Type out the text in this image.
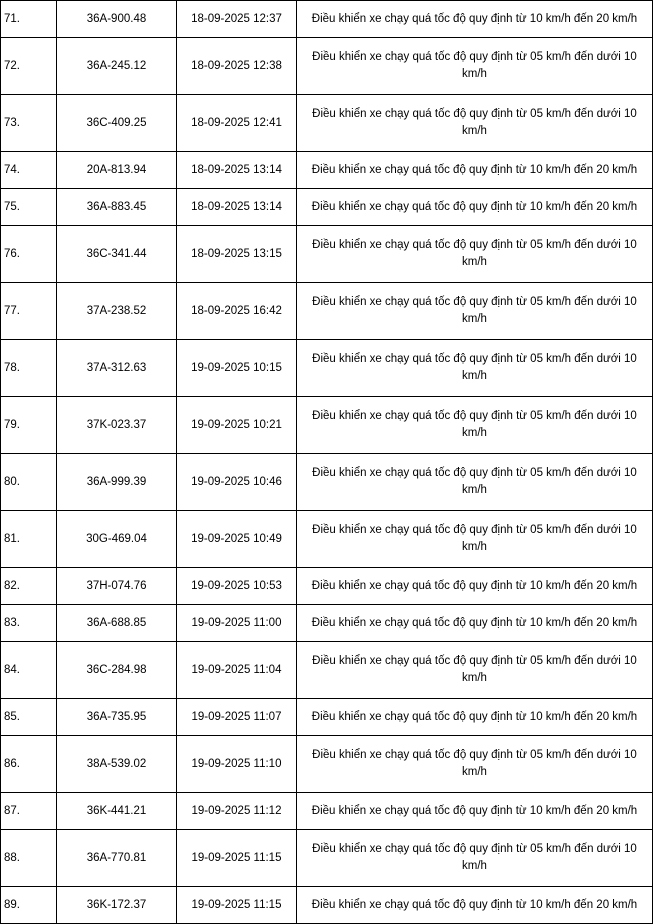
71.	36A-900.48	18-09-2025 12:37	Điều khiển xe chạy quá tốc độ quy định từ 10 km/h đến 20 km/h
72.	36A-245.12	18-09-2025 12:38	Điều khiển xe chạy quá tốc độ quy định từ 05 km/h đến dưới 10 km/h
73.	36C-409.25	18-09-2025 12:41	Điều khiển xe chạy quá tốc độ quy định từ 05 km/h đến dưới 10 km/h
74.	20A-813.94	18-09-2025 13:14	Điều khiển xe chạy quá tốc độ quy định từ 10 km/h đến 20 km/h
75.	36A-883.45	18-09-2025 13:14	Điều khiển xe chạy quá tốc độ quy định từ 10 km/h đến 20 km/h
76.	36C-341.44	18-09-2025 13:15	Điều khiển xe chạy quá tốc độ quy định từ 05 km/h đến dưới 10 km/h
77.	37A-238.52	18-09-2025 16:42	Điều khiển xe chạy quá tốc độ quy định từ 05 km/h đến dưới 10 km/h
78.	37A-312.63	19-09-2025 10:15	Điều khiển xe chạy quá tốc độ quy định từ 05 km/h đến dưới 10 km/h
79.	37K-023.37	19-09-2025 10:21	Điều khiển xe chạy quá tốc độ quy định từ 05 km/h đến dưới 10 km/h
80.	36A-999.39	19-09-2025 10:46	Điều khiển xe chạy quá tốc độ quy định từ 05 km/h đến dưới 10 km/h
81.	30G-469.04	19-09-2025 10:49	Điều khiển xe chạy quá tốc độ quy định từ 05 km/h đến dưới 10 km/h
82.	37H-074.76	19-09-2025 10:53	Điều khiển xe chạy quá tốc độ quy định từ 10 km/h đến 20 km/h
83.	36A-688.85	19-09-2025 11:00	Điều khiển xe chạy quá tốc độ quy định từ 10 km/h đến 20 km/h
84.	36C-284.98	19-09-2025 11:04	Điều khiển xe chạy quá tốc độ quy định từ 05 km/h đến dưới 10 km/h
85.	36A-735.95	19-09-2025 11:07	Điều khiển xe chạy quá tốc độ quy định từ 10 km/h đến 20 km/h
86.	38A-539.02	19-09-2025 11:10	Điều khiển xe chạy quá tốc độ quy định từ 05 km/h đến dưới 10 km/h
87.	36K-441.21	19-09-2025 11:12	Điều khiển xe chạy quá tốc độ quy định từ 10 km/h đến 20 km/h
88.	36A-770.81	19-09-2025 11:15	Điều khiển xe chạy quá tốc độ quy định từ 05 km/h đến dưới 10 km/h
89.	36K-172.37	19-09-2025 11:15	Điều khiển xe chạy quá tốc độ quy định từ 10 km/h đến 20 km/h
